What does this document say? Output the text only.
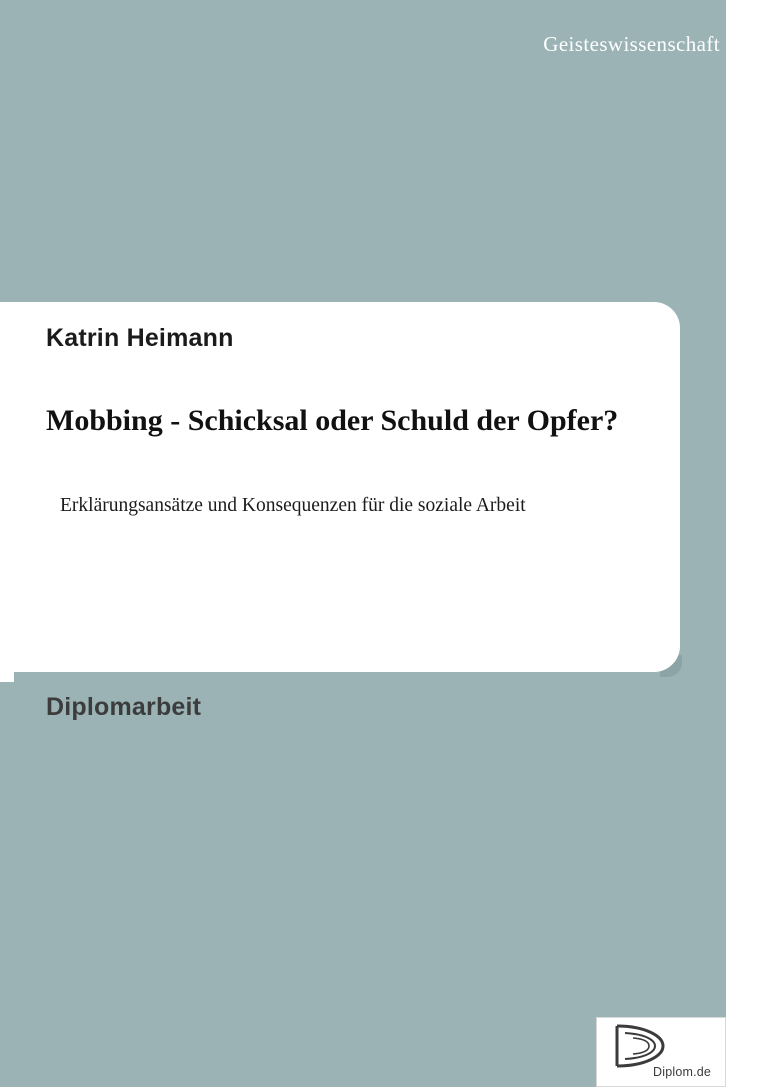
Geisteswissenschaft
Katrin Heimann
Mobbing - Schicksal oder Schuld der Opfer?
Erklärungsansätze und Konsequenzen für die soziale Arbeit
Diplomarbeit
Diplom.de
